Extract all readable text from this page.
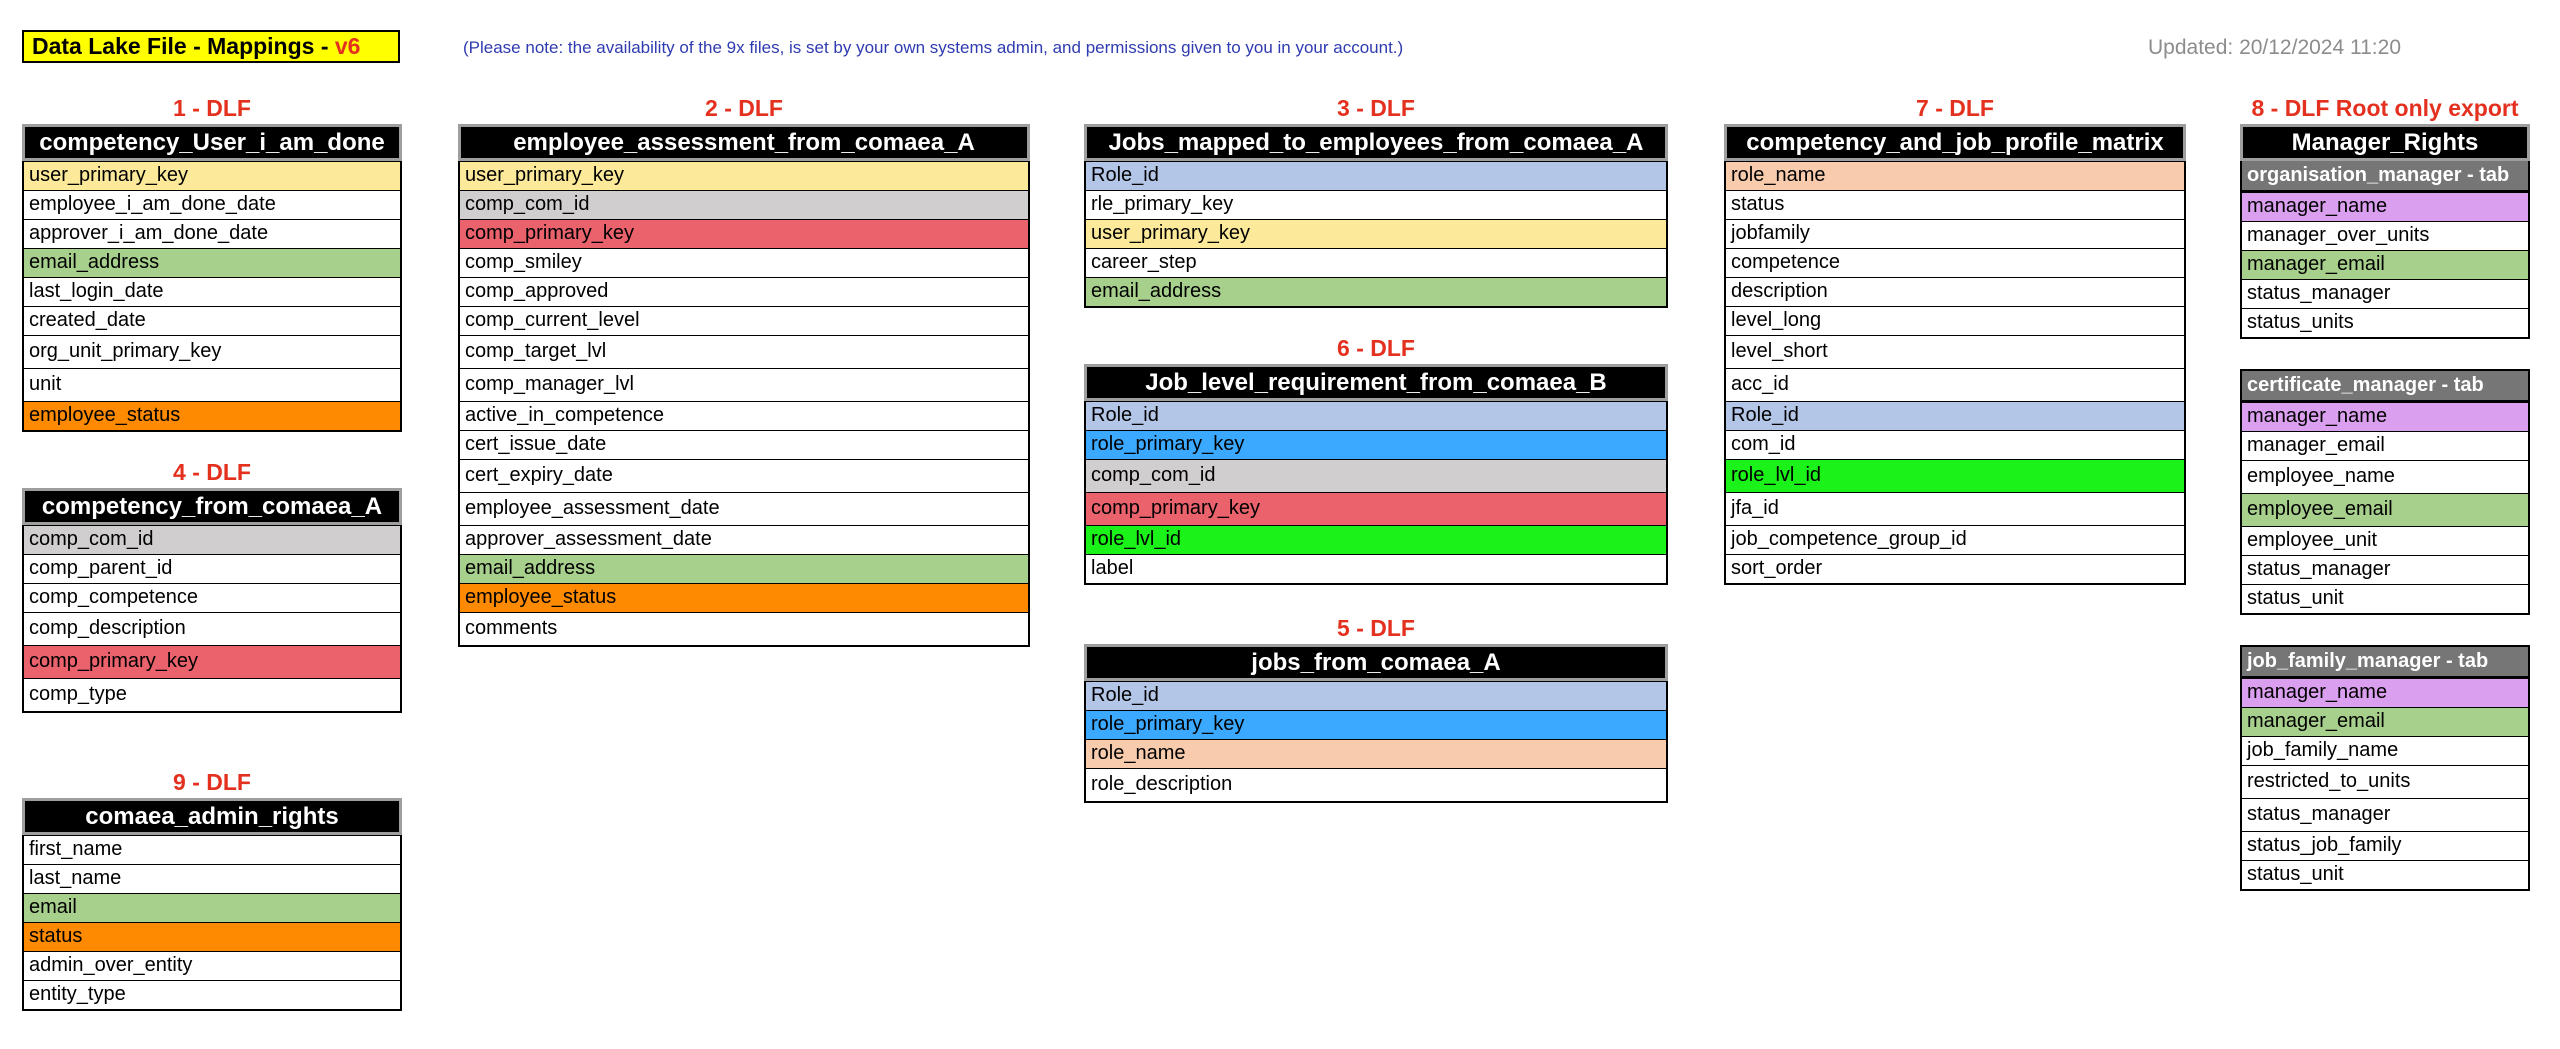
Data Lake File - Mappings - v6	(Please note: the availability of the 9x files, is set by your own systems admin, and permissions given to you in your account.)	Updated: 20/12/2024 11:20
1 - DLF
competency_User_i_am_done
user_primary_key
employee_i_am_done_date
approver_i_am_done_date
email_address
last_login_date
created_date
org_unit_primary_key
unit
employee_status
4 - DLF
competency_from_comaea_A
comp_com_id
comp_parent_id
comp_competence
comp_description
comp_primary_key
comp_type
9 - DLF
comaea_admin_rights
first_name
last_name
email
status
admin_over_entity
entity_type
2 - DLF
employee_assessment_from_comaea_A
user_primary_key
comp_com_id
comp_primary_key
comp_smiley
comp_approved
comp_current_level
comp_target_lvl
comp_manager_lvl
active_in_competence
cert_issue_date
cert_expiry_date
employee_assessment_date
approver_assessment_date
email_address
employee_status
comments
3 - DLF
Jobs_mapped_to_employees_from_comaea_A
Role_id
rle_primary_key
user_primary_key
career_step
email_address
6 - DLF
Job_level_requirement_from_comaea_B
Role_id
role_primary_key
comp_com_id
comp_primary_key
role_lvl_id
label
5 - DLF
jobs_from_comaea_A
Role_id
role_primary_key
role_name
role_description
7 - DLF
competency_and_job_profile_matrix
role_name
status
jobfamily
competence
description
level_long
level_short
acc_id
Role_id
com_id
role_lvl_id
jfa_id
job_competence_group_id
sort_order
8 - DLF Root only export
Manager_Rights
organisation_manager - tab
manager_name
manager_over_units
manager_email
status_manager
status_units
certificate_manager - tab
manager_name
manager_email
employee_name
employee_email
employee_unit
status_manager
status_unit
job_family_manager - tab
manager_name
manager_email
job_family_name
restricted_to_units
status_manager
status_job_family
status_unit
